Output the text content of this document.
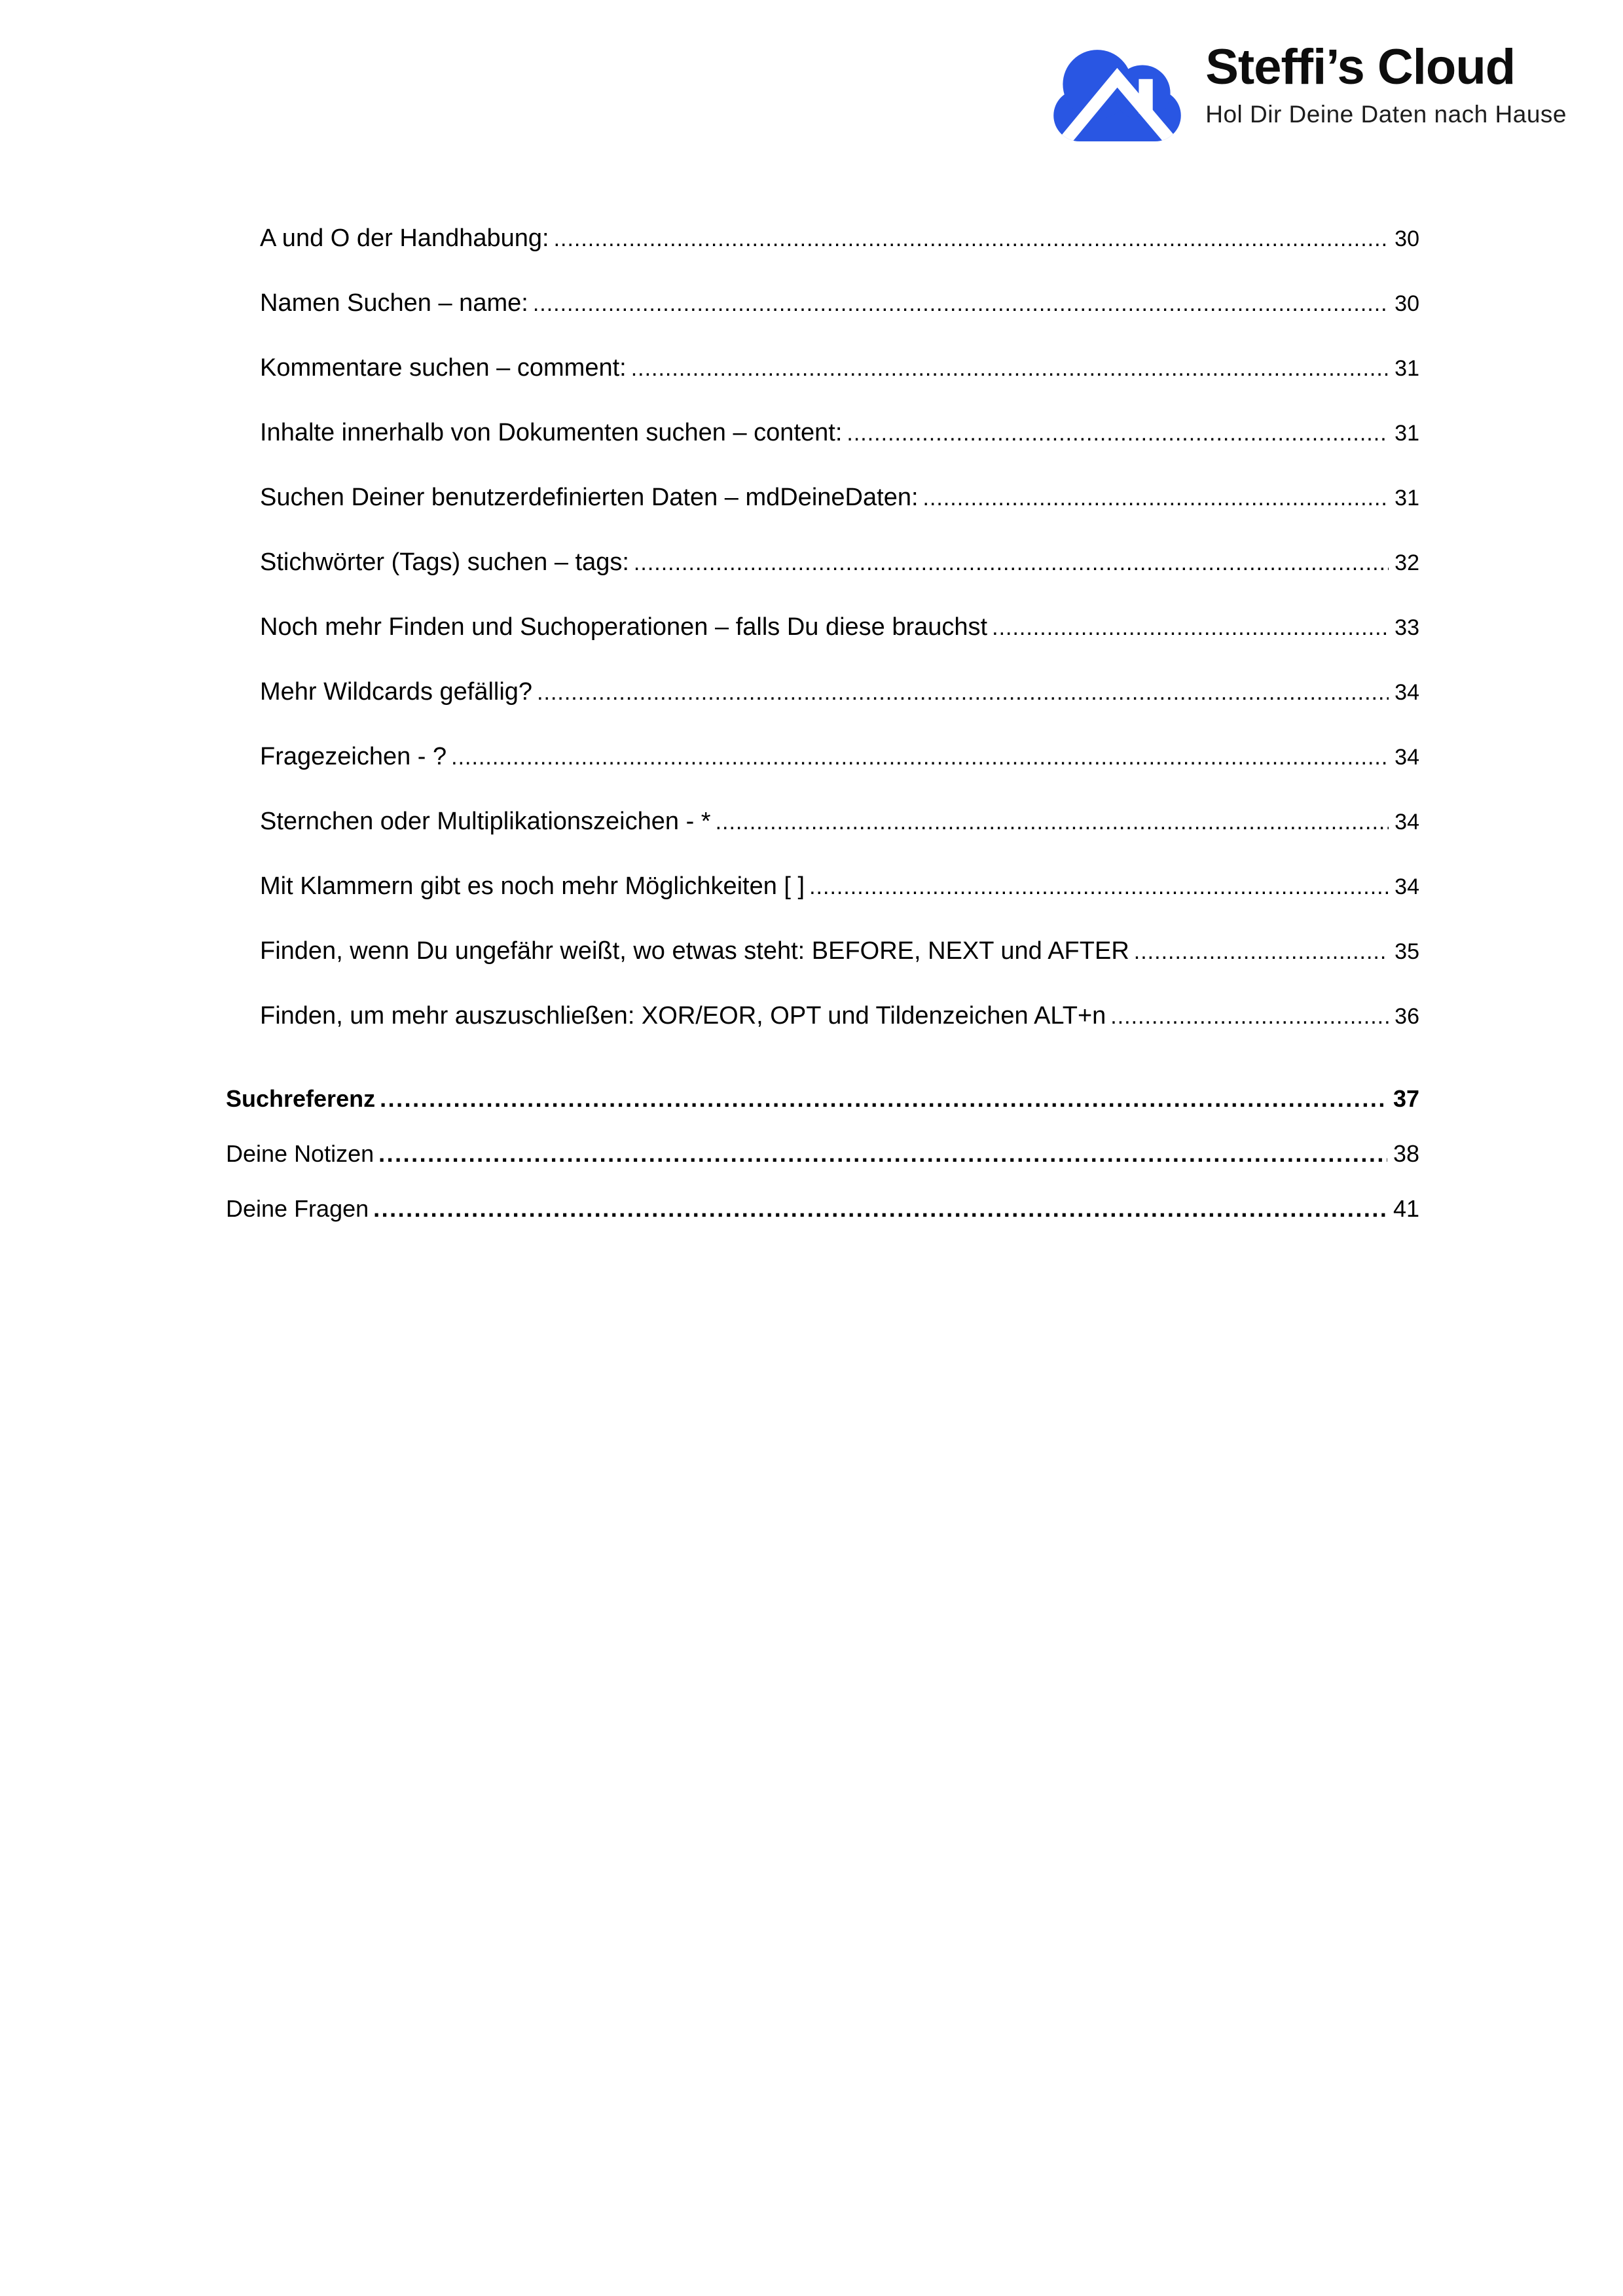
Steffi’s Cloud
Hol Dir Deine Daten nach Hause
A und O der Handhabung: .....	30
Namen Suchen – name: .....	30
Kommentare suchen – comment: .....	31
Inhalte innerhalb von Dokumenten suchen – content: .....	31
Suchen Deiner benutzerdefinierten Daten – mdDeineDaten: .....	31
Stichwörter (Tags) suchen – tags: .....	32
Noch mehr Finden und Suchoperationen – falls Du diese brauchst .....	33
Mehr Wildcards gefällig? .....	34
Fragezeichen - ? .....	34
Sternchen oder Multiplikationszeichen - * .....	34
Mit Klammern gibt es noch mehr Möglichkeiten [ ] .....	34
Finden, wenn Du ungefähr weißt, wo etwas steht: BEFORE, NEXT und AFTER .....	35
Finden, um mehr auszuschließen: XOR/EOR, OPT und Tildenzeichen ALT+n .....	36
Suchreferenz .....	37
Deine Notizen .....	38
Deine Fragen .....	41
